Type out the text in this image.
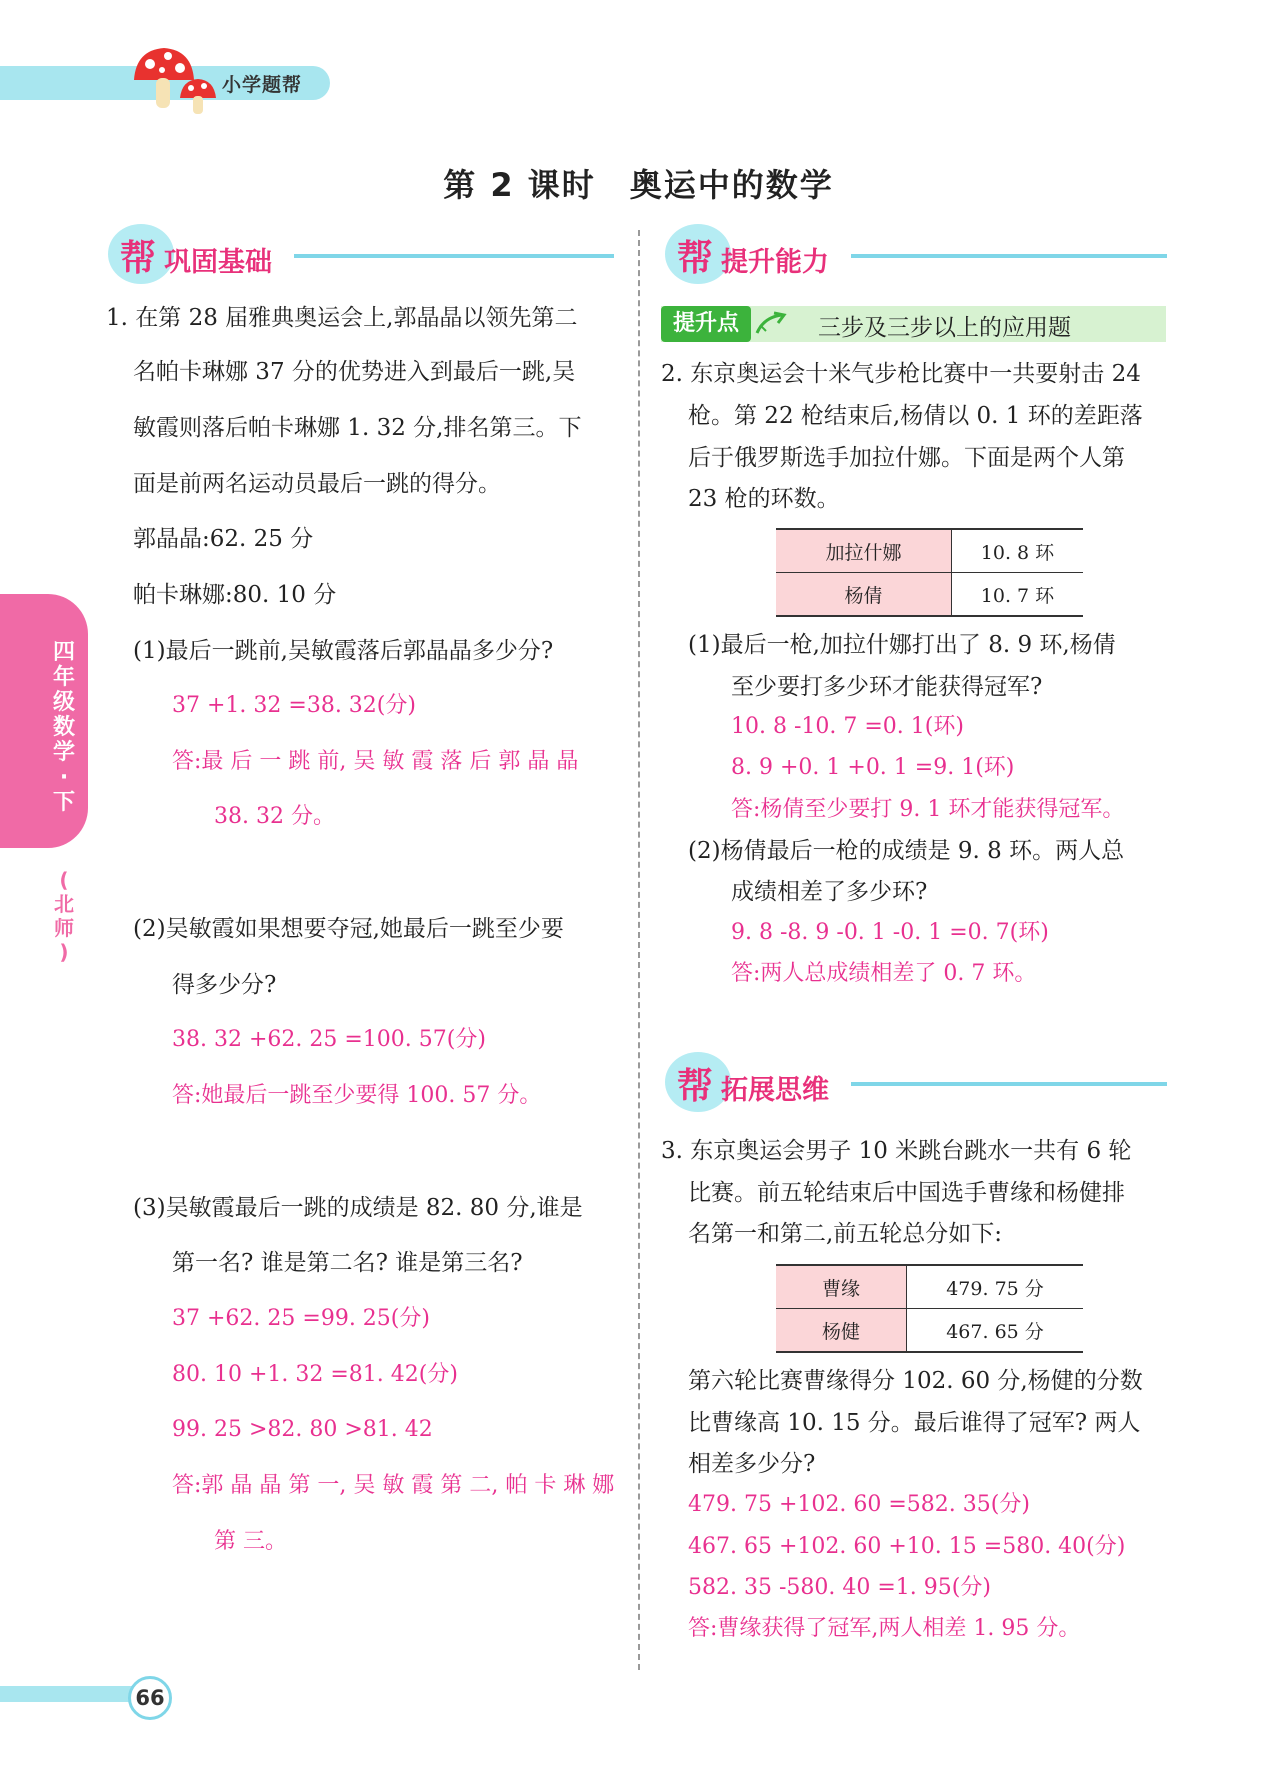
小学题帮
第 2 课时　奥运中的数学
四
年
级
数
学
·
下
(
北
师
)
帮 巩固基础
1. 在第 28 届雅典奥运会上,郭晶晶以领先第二
名帕卡琳娜 37 分的优势进入到最后一跳,吴
敏霞则落后帕卡琳娜 1. 32 分,排名第三。下
面是前两名运动员最后一跳的得分。
郭晶晶:62. 25 分
帕卡琳娜:80. 10 分
(1)最后一跳前,吴敏霞落后郭晶晶多少分?
37 +1. 32 =38. 32(分)
答:最 后 一 跳 前, 吴 敏 霞 落 后 郭 晶 晶
38. 32 分。
(2)吴敏霞如果想要夺冠,她最后一跳至少要
得多少分?
38. 32 +62. 25 =100. 57(分)
答:她最后一跳至少要得 100. 57 分。
(3)吴敏霞最后一跳的成绩是 82. 80 分,谁是
第一名? 谁是第二名? 谁是第三名?
37 +62. 25 =99. 25(分)
80. 10 +1. 32 =81. 42(分)
99. 25 >82. 80 >81. 42
答:郭 晶 晶 第 一, 吴 敏 霞 第 二, 帕 卡 琳 娜
第 三。
帮 提升能力
提升点	三步及三步以上的应用题
2. 东京奥运会十米气步枪比赛中一共要射击 24
枪。第 22 枪结束后,杨倩以 0. 1 环的差距落
后于俄罗斯选手加拉什娜。下面是两个人第
23 枪的环数。
加拉什娜	10. 8 环
杨倩	10. 7 环
(1)最后一枪,加拉什娜打出了 8. 9 环,杨倩
至少要打多少环才能获得冠军?
10. 8 -10. 7 =0. 1(环)
8. 9 +0. 1 +0. 1 =9. 1(环)
答:杨倩至少要打 9. 1 环才能获得冠军。
(2)杨倩最后一枪的成绩是 9. 8 环。两人总
成绩相差了多少环?
9. 8 -8. 9 -0. 1 -0. 1 =0. 7(环)
答:两人总成绩相差了 0. 7 环。
帮 拓展思维
3. 东京奥运会男子 10 米跳台跳水一共有 6 轮
比赛。前五轮结束后中国选手曹缘和杨健排
名第一和第二,前五轮总分如下:
曹缘	479. 75 分
杨健	467. 65 分
第六轮比赛曹缘得分 102. 60 分,杨健的分数
比曹缘高 10. 15 分。最后谁得了冠军? 两人
相差多少分?
479. 75 +102. 60 =582. 35(分)
467. 65 +102. 60 +10. 15 =580. 40(分)
582. 35 -580. 40 =1. 95(分)
答:曹缘获得了冠军,两人相差 1. 95 分。
66
